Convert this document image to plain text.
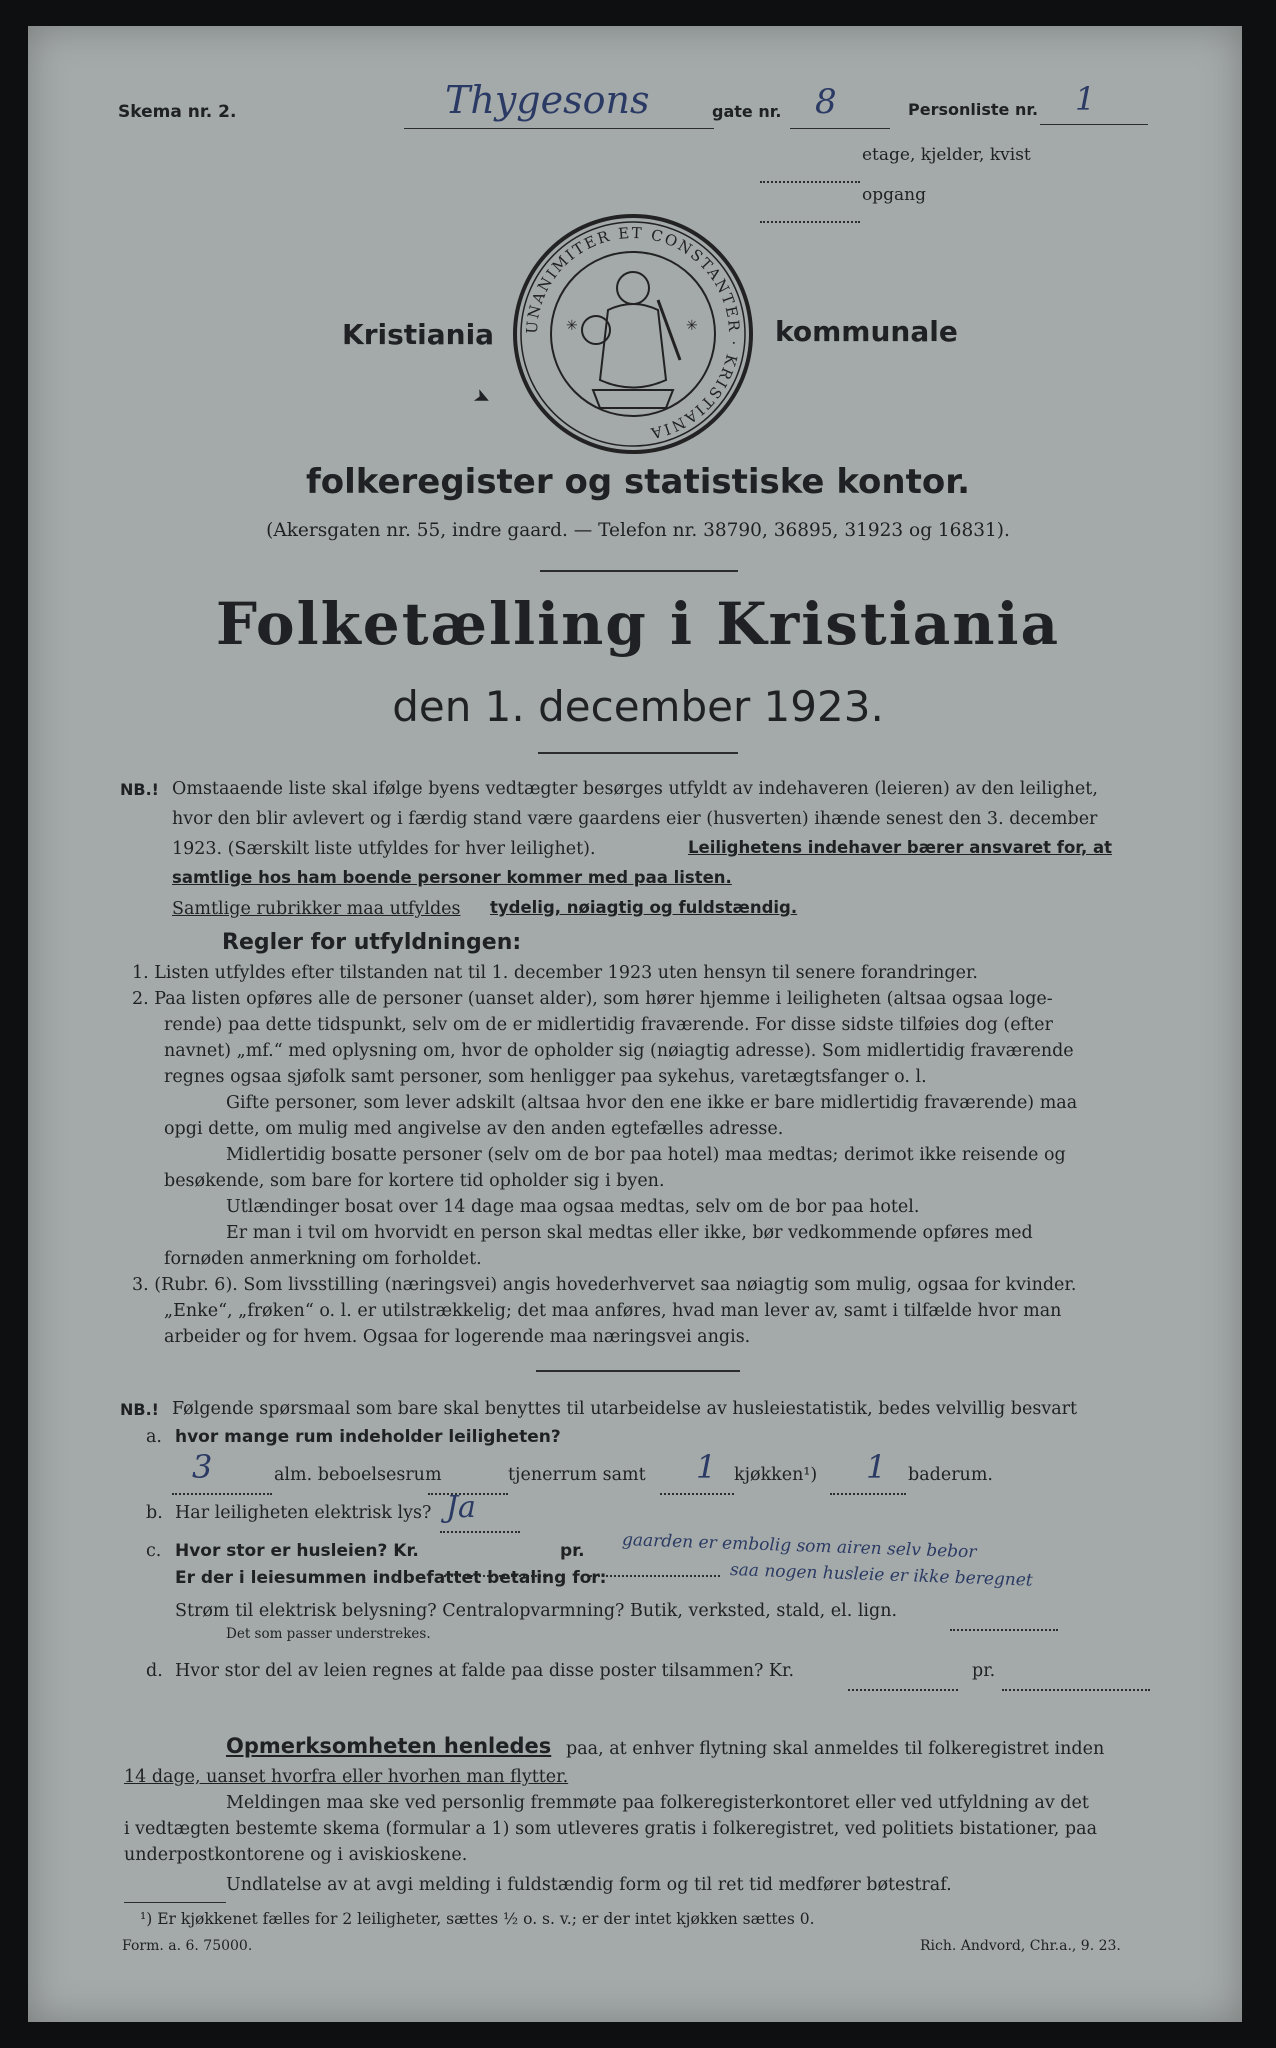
Skema nr. 2.	Thygesons	gate nr. 8	Personliste nr. 1
etage, kjelder, kvist
opgang
Kristiania	kommunale
UNANIMITER ET CONSTANTER · KRISTIANIA
✳	✳
➤
folkeregister og statistiske kontor.
(Akersgaten nr. 55, indre gaard. — Telefon nr. 38790, 36895, 31923 og 16831).
Folketælling i Kristiania
den 1. december 1923.
NB.! Omstaaende liste skal ifølge byens vedtægter besørges utfyldt av indehaveren (leieren) av den leilighet,
hvor den blir avlevert og i færdig stand være gaardens eier (husverten) ihænde senest den 3. december
1923. (Særskilt liste utfyldes for hver leilighet).	Leilighetens indehaver bærer ansvaret for, at
samtlige hos ham boende personer kommer med paa listen.
Samtlige rubrikker maa utfyldes tydelig, nøiagtig og fuldstændig.
Regler for utfyldningen:
1. Listen utfyldes efter tilstanden nat til 1. december 1923 uten hensyn til senere forandringer.
2. Paa listen opføres alle de personer (uanset alder), som hører hjemme i leiligheten (altsaa ogsaa loge-
rende) paa dette tidspunkt, selv om de er midlertidig fraværende. For disse sidste tilføies dog (efter
navnet) „mf.“ med oplysning om, hvor de opholder sig (nøiagtig adresse). Som midlertidig fraværende
regnes ogsaa sjøfolk samt personer, som henligger paa sykehus, varetægtsfanger o. l.
Gifte personer, som lever adskilt (altsaa hvor den ene ikke er bare midlertidig fraværende) maa
opgi dette, om mulig med angivelse av den anden egtefælles adresse.
Midlertidig bosatte personer (selv om de bor paa hotel) maa medtas; derimot ikke reisende og
besøkende, som bare for kortere tid opholder sig i byen.
Utlændinger bosat over 14 dage maa ogsaa medtas, selv om de bor paa hotel.
Er man i tvil om hvorvidt en person skal medtas eller ikke, bør vedkommende opføres med
fornøden anmerkning om forholdet.
3. (Rubr. 6). Som livsstilling (næringsvei) angis hovederhvervet saa nøiagtig som mulig, ogsaa for kvinder.
„Enke“, „frøken“ o. l. er utilstrækkelig; det maa anføres, hvad man lever av, samt i tilfælde hvor man
arbeider og for hvem. Ogsaa for logerende maa næringsvei angis.
NB.! Følgende spørsmaal som bare skal benyttes til utarbeidelse av husleiestatistik, bedes velvillig besvart
a. hvor mange rum indeholder leiligheten?
3	alm. beboelsesrum	tjenerrum samt 1 kjøkken¹) 1 baderum.
b. Har leiligheten elektrisk lys? Ja
c. Hvor stor er husleien? Kr.	pr. gaarden er embolig som airen selv bebor
saa nogen husleie er ikke beregnet
Er der i leiesummen indbefattet betaling for:
Strøm til elektrisk belysning? Centralopvarmning? Butik, verksted, stald, el. lign.
Det som passer understrekes.
d. Hvor stor del av leien regnes at falde paa disse poster tilsammen? Kr.	pr.
Opmerksomheten henledes paa, at enhver flytning skal anmeldes til folkeregistret inden
14 dage, uanset hvorfra eller hvorhen man flytter.
Meldingen maa ske ved personlig fremmøte paa folkeregisterkontoret eller ved utfyldning av det
i vedtægten bestemte skema (formular a 1) som utleveres gratis i folkeregistret, ved politiets bistationer, paa
underpostkontorene og i aviskioskene.
Undlatelse av at avgi melding i fuldstændig form og til ret tid medfører bøtestraf.
¹) Er kjøkkenet fælles for 2 leiligheter, sættes ½ o. s. v.; er der intet kjøkken sættes 0.
Form. a. 6. 75000.	Rich. Andvord, Chr.a., 9. 23.
